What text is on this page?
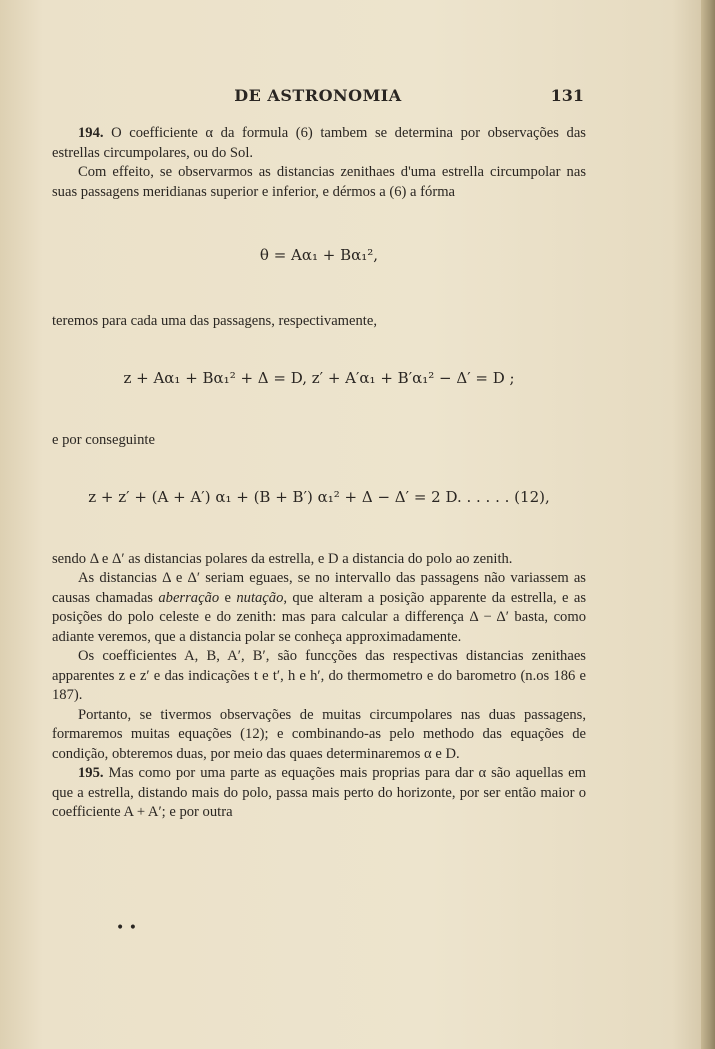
DE ASTRONOMIA	131

194. O coefficiente α da formula (6) tambem se determina por observações das estrellas circumpolares, ou do Sol.

Com effeito, se observarmos as distancias zenithaes d'uma estrella circumpolar nas suas passagens meridianas superior e inferior, e dérmos a (6) a fórma

θ = Aα₁ + Bα₁²,

teremos para cada uma das passagens, respectivamente,

z + Aα₁ + Bα₁² + Δ = D, z′ + A′α₁ + B′α₁² − Δ′ = D ;

e por conseguinte

z + z′ + (A + A′) α₁ + (B + B′) α₁² + Δ − Δ′ = 2 D. . . . . . (12),

sendo Δ e Δ′ as distancias polares da estrella, e D a distancia do polo ao zenith.

As distancias Δ e Δ′ seriam eguaes, se no intervallo das passagens não variassem as causas chamadas aberração e nutação, que alteram a posição apparente da estrella, e as posições do polo celeste e do zenith: mas para calcular a differença Δ − Δ′ basta, como adiante veremos, que a distancia polar se conheça approximadamente.

Os coefficientes A, B, A′, B′, são funcções das respectivas distancias zenithaes apparentes z e z′ e das indicações t e t′, h e h′, do thermometro e do barometro (n.os 186 e 187).

Portanto, se tivermos observações de muitas circumpolares nas duas passagens, formaremos muitas equações (12); e combinando-as pelo methodo das equações de condição, obteremos duas, por meio das quaes determinaremos α e D.

195. Mas como por uma parte as equações mais proprias para dar α são aquellas em que a estrella, distando mais do polo, passa mais perto do horizonte, por ser então maior o coefficiente A + A′; e por outra

• •
